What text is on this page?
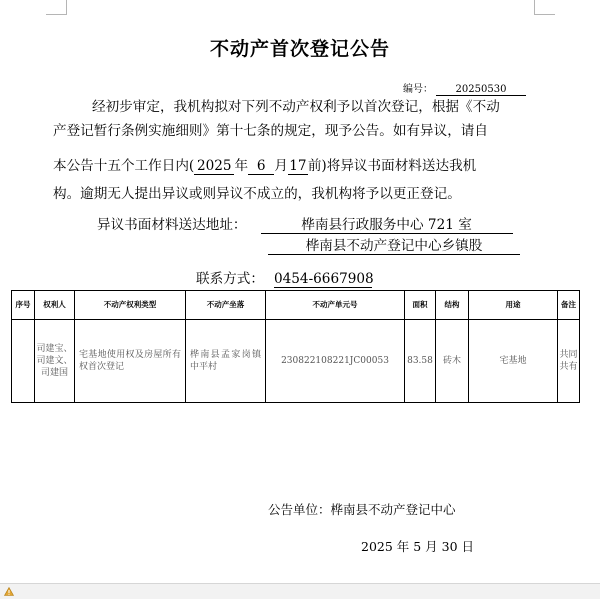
不动产首次登记公告
编号： 20250530

经初步审定，我机构拟对下列不动产权利予以首次登记，根据《不动

产登记暂行条例实施细则》第十七条的规定，现予公告。如有异议，请自
本公告十五个工作日内( 2025 年 6 月17前)将异议书面材料送达我机
构。逾期无人提出异议或则异议不成立的，我机构将予以更正登记。
异议书面材料送达地址：	桦南县行政服务中心 721 室
桦南县不动产登记中心乡镇股
联系方式： 0454-6667908
序号	权利人	不动产权利类型	不动产坐落	不动产单元号	面积	结构	用途	备注
	司建宝、司建文、司建国	宅基地使用权及房屋所有权首次登记	桦南县孟家岗镇中平村	230822108221JC00053	83.58	砖木	宅基地	共同共有
公告单位：桦南县不动产登记中心
2025 年 5 月 30 日
